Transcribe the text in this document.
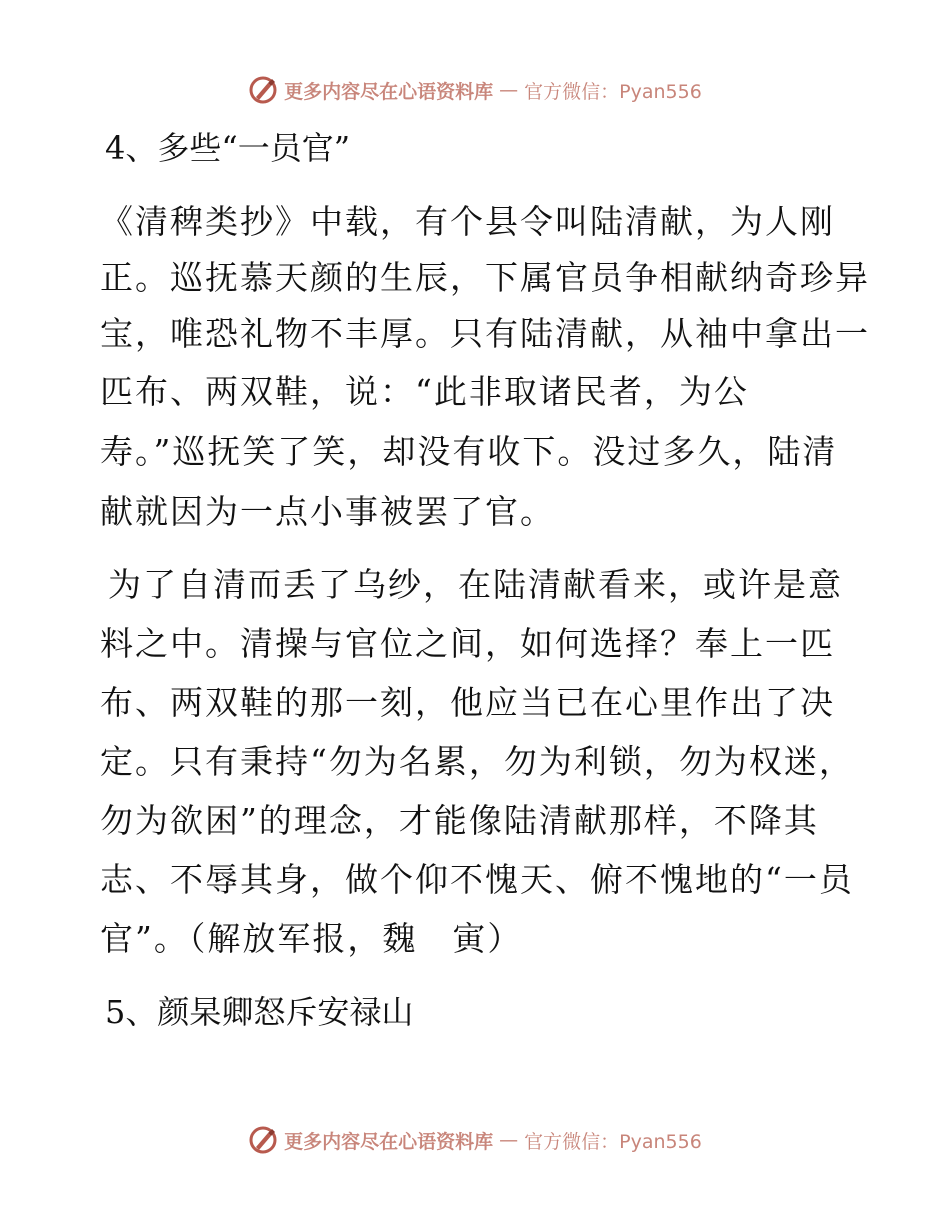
更多内容尽在心语资料库 — 官方微信：Pyan556
4、多些“一员官”
《清稗类抄》中载，有个县令叫陆清献，为人刚
正。巡抚慕天颜的生辰，下属官员争相献纳奇珍异
宝，唯恐礼物不丰厚。只有陆清献，从袖中拿出一
匹布、两双鞋，说：“此非取诸民者，为公
寿。”巡抚笑了笑，却没有收下。没过多久，陆清
献就因为一点小事被罢了官。
为了自清而丢了乌纱，在陆清献看来，或许是意
料之中。清操与官位之间，如何选择？奉上一匹
布、两双鞋的那一刻，他应当已在心里作出了决
定。只有秉持“勿为名累，勿为利锁，勿为权迷，
勿为欲困”的理念，才能像陆清献那样，不降其
志、不辱其身，做个仰不愧天、俯不愧地的“一员
官”。（解放军报，魏　寅）
5、颜杲卿怒斥安禄山
更多内容尽在心语资料库 — 官方微信：Pyan556
